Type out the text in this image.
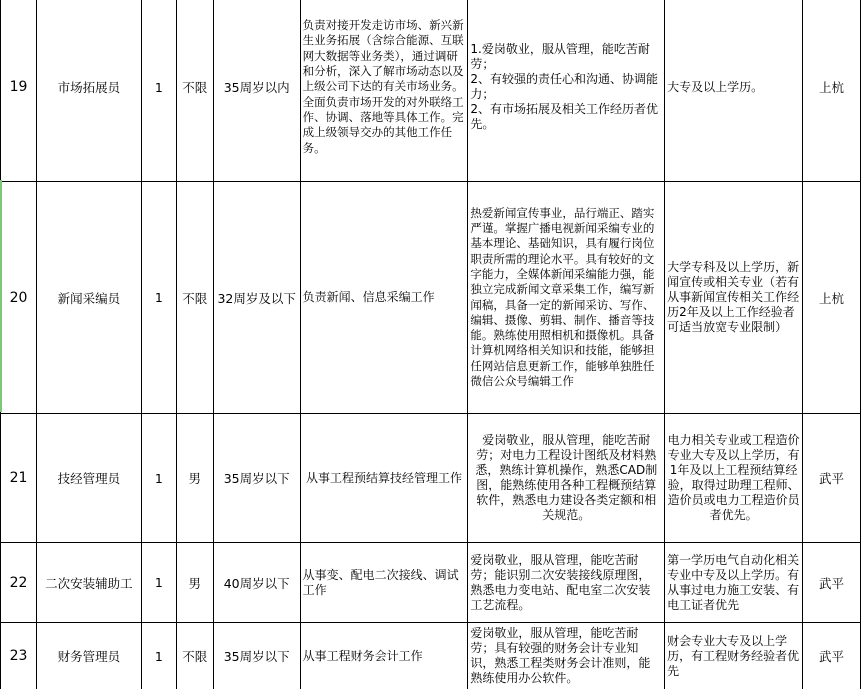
19	市场拓展员	1	不限	35周岁以内	负责对接开发走访市场、新兴新生业务拓展（含综合能源、互联网大数据等业务类），通过调研和分析，深入了解市场动态以及上级公司下达的有关市场业务。
全面负责市场开发的对外联络工作、协调、落地等具体工作。完成上级领导交办的其他工作任务。	1.爱岗敬业，服从管理，能吃苦耐劳；
2、有较强的责任心和沟通、协调能力；
2、有市场拓展及相关工作经历者优先。	大专及以上学历。	上杭

20	新闻采编员	1	不限	32周岁及以下	负责新闻、信息采编工作	热爱新闻宣传事业，品行端正、踏实严谨。掌握广播电视新闻采编专业的基本理论、基础知识，具有履行岗位职责所需的理论水平。具有较好的文字能力，全媒体新闻采编能力强，能独立完成新闻文章采集工作，编写新闻稿，具备一定的新闻采访、写作、编辑、摄像、剪辑、制作、播音等技能。熟练使用照相机和摄像机。具备计算机网络相关知识和技能，能够担任网站信息更新工作，能够单独胜任微信公众号编辑工作	大学专科及以上学历，新闻宣传或相关专业（若有从事新闻宣传相关工作经历2年及以上工作经验者可适当放宽专业限制）	上杭

21	技经管理员	1	男	35周岁以下	从事工程预结算技经管理工作	爱岗敬业，服从管理，能吃苦耐劳；对电力工程设计图纸及材料熟悉，熟练计算机操作，熟悉CAD制图，能熟练使用各种工程概预结算软件，熟悉电力建设各类定额和相关规范。	电力相关专业或工程造价专业大专及以上学历，有1年及以上工程预结算经验，取得过助理工程师、造价员或电力工程造价员者优先。	武平

22	二次安装辅助工	1	男	40周岁以下	从事变、配电二次接线、调试工作	爱岗敬业，服从管理，能吃苦耐劳；能识别二次安装接线原理图，熟悉电力变电站、配电室二次安装工艺流程。	第一学历电气自动化相关专业中专及以上学历。有从事过电力施工安装、有电工证者优先	武平

23	财务管理员	1	不限	35周岁以下	从事工程财务会计工作	爱岗敬业，服从管理，能吃苦耐劳；具有较强的财务会计专业知识，熟悉工程类财务会计准则，能熟练使用办公软件。	财会专业大专及以上学历，有工程财务经验者优先	武平
